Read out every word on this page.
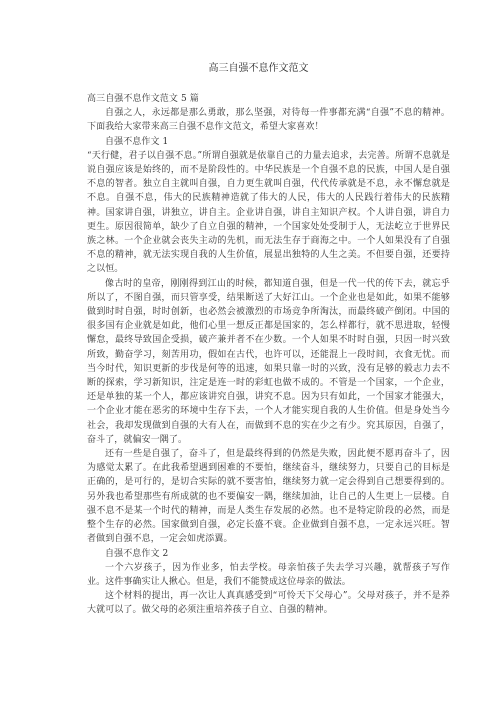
高三自强不息作文范文

高三自强不息作文范文 5 篇

自强之人，永远都是那么勇敢，那么坚强，对待每一件事都充满“自强”不息的精神。下面我给大家带来高三自强不息作文范文，希望大家喜欢！

自强不息作文 1

“天行健，君子以自强不息。”所谓自强就是依靠自己的力量去追求，去完善。所谓不息就是说自强应该是始终的，而不是阶段性的。中华民族是一个自强不息的民族，中国人是自强不息的智者。独立自主就叫自强，自力更生就叫自强，代代传承就是不息，永不懈怠就是不息。自强不息，伟大的民族精神造就了伟大的人民，伟大的人民践行着伟大的民族精神。国家讲自强，讲独立，讲自主。企业讲自强，讲自主知识产权。个人讲自强，讲自力更生。原因很简单，缺少了自立自强的精神，一个国家处处受制于人，无法屹立于世界民族之林。一个企业就会丧失主动的先机，而无法生存于商海之中。一个人如果没有了自强不息的精神，就无法实现自我的人生价值，展显出独特的人生之美。不但要自强，还要持之以恒。

像古时的皇帝，刚刚得到江山的时候，都知道自强，但是一代一代的传下去，就忘乎所以了，不图自强，而只管享受，结果断送了大好江山。一个企业也是如此，如果不能够做到时时自强，时时创新，也必然会被激烈的市场竞争所淘汰，而最终破产倒闭。中国的很多国有企业就是如此，他们心里一想反正都是国家的，怎么样都行，就不思进取，轻慢懈怠，最终导致国企受损，破产兼并者不在少数。一个人如果不时时自强，只因一时兴致所致，勤奋学习，刻苦用功，假如在古代，也许可以，还能混上一段时间，衣食无忧。而当今时代，知识更新的步伐是何等的迅速，如果只靠一时的兴致，没有足够的毅志力去不断的探索，学习新知识，注定是连一时的彩虹也做不成的。不管是一个国家，一个企业，还是单独的某一个人，都应该讲究自强，讲究不息。因为只有如此，一个国家才能强大，一个企业才能在恶劣的环境中生存下去，一个人才能实现自我的人生价值。但是身处当今社会，我却发现做到自强的大有人在，而做到不息的实在少之有少。究其原因，自强了，奋斗了，就偏安一隅了。

还有一些是自强了，奋斗了，但是最终得到的仍然是失败，因此便不愿再奋斗了，因为感觉太累了。在此我希望遇到困难的不要怕，继续奋斗，继续努力，只要自己的目标是正确的，是可行的，是切合实际的就不要害怕，继续努力就一定会得到自己想要得到的。另外我也希望那些有所成就的也不要偏安一隅，继续加油，让自己的人生更上一层楼。自强不息不是某一个时代的精神，而是人类生存发展的必然。也不是特定阶段的必然，而是整个生存的必然。国家做到自强，必定长盛不衰。企业做到自强不息，一定永远兴旺。智者做到自强不息，一定会如虎添翼。

自强不息作文 2

一个六岁孩子，因为作业多，怕去学校。母亲怕孩子失去学习兴趣，就帮孩子写作业。这件事确实让人揪心。但是，我们不能赞成这位母亲的做法。

这个材料的提出，再一次让人真真感受到“可怜天下父母心”。父母对孩子，并不是养大就可以了。做父母的必须注重培养孩子自立、自强的精神。
